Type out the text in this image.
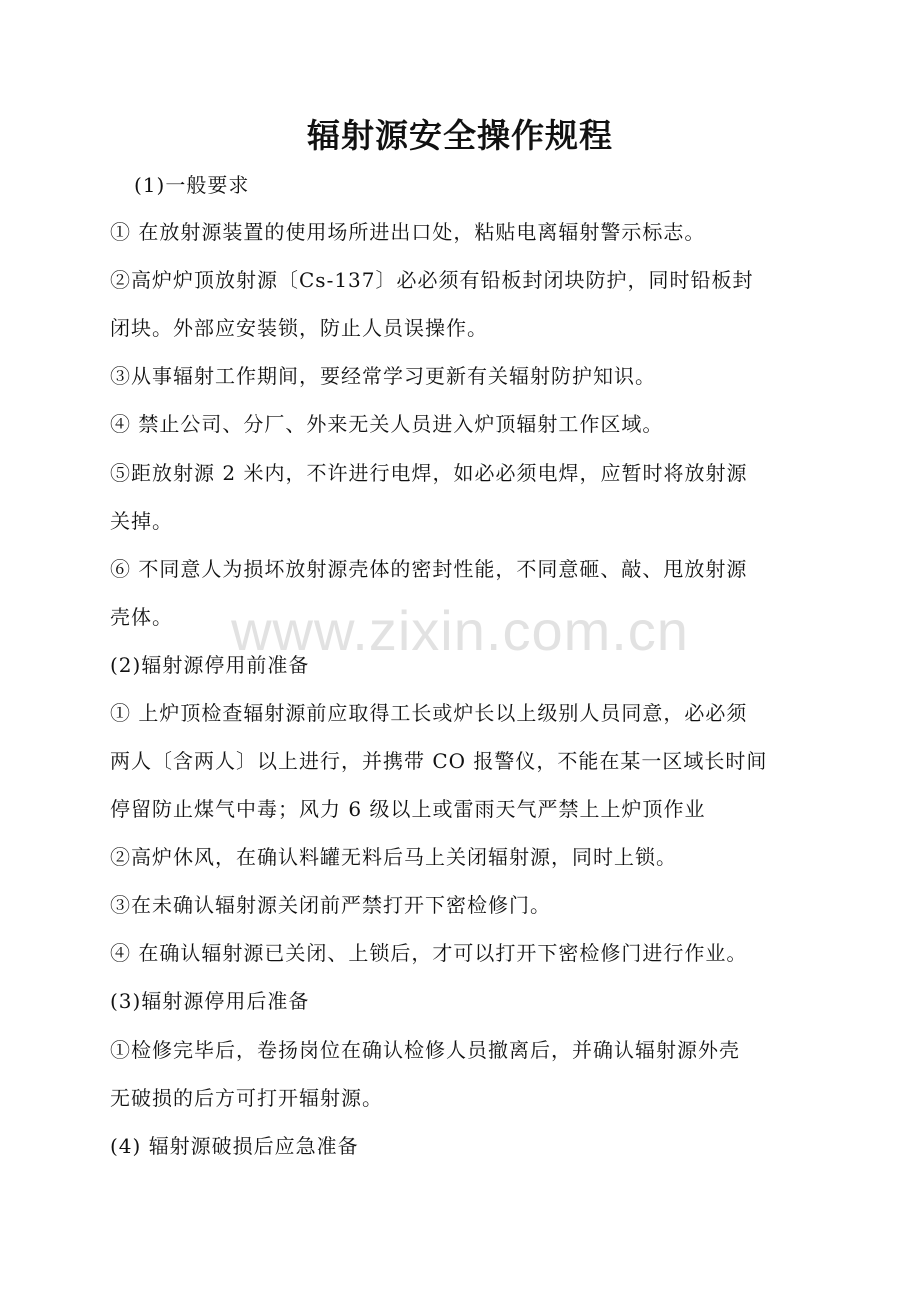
辐射源安全操作规程
(1)一般要求
① 在放射源装置的使用场所进出口处，粘贴电离辐射警示标志。
②高炉炉顶放射源〔Cs-137〕必必须有铅板封闭块防护，同时铅板封
闭块。外部应安装锁，防止人员误操作。
③从事辐射工作期间，要经常学习更新有关辐射防护知识。
④ 禁止公司、分厂、外来无关人员进入炉顶辐射工作区域。
⑤距放射源 2 米内，不许进行电焊，如必必须电焊，应暂时将放射源
关掉。
⑥ 不同意人为损坏放射源壳体的密封性能，不同意砸、敲、甩放射源
壳体。
(2)辐射源停用前准备
① 上炉顶检查辐射源前应取得工长或炉长以上级别人员同意，必必须
两人〔含两人〕以上进行，并携带 CO 报警仪，不能在某一区域长时间
停留防止煤气中毒；风力 6 级以上或雷雨天气严禁上上炉顶作业
②高炉休风，在确认料罐无料后马上关闭辐射源，同时上锁。
③在未确认辐射源关闭前严禁打开下密检修门。
④ 在确认辐射源已关闭、上锁后，才可以打开下密检修门进行作业。
(3)辐射源停用后准备
①检修完毕后，卷扬岗位在确认检修人员撤离后，并确认辐射源外壳
无破损的后方可打开辐射源。
(4) 辐射源破损后应急准备
www.zixin.com.cn
